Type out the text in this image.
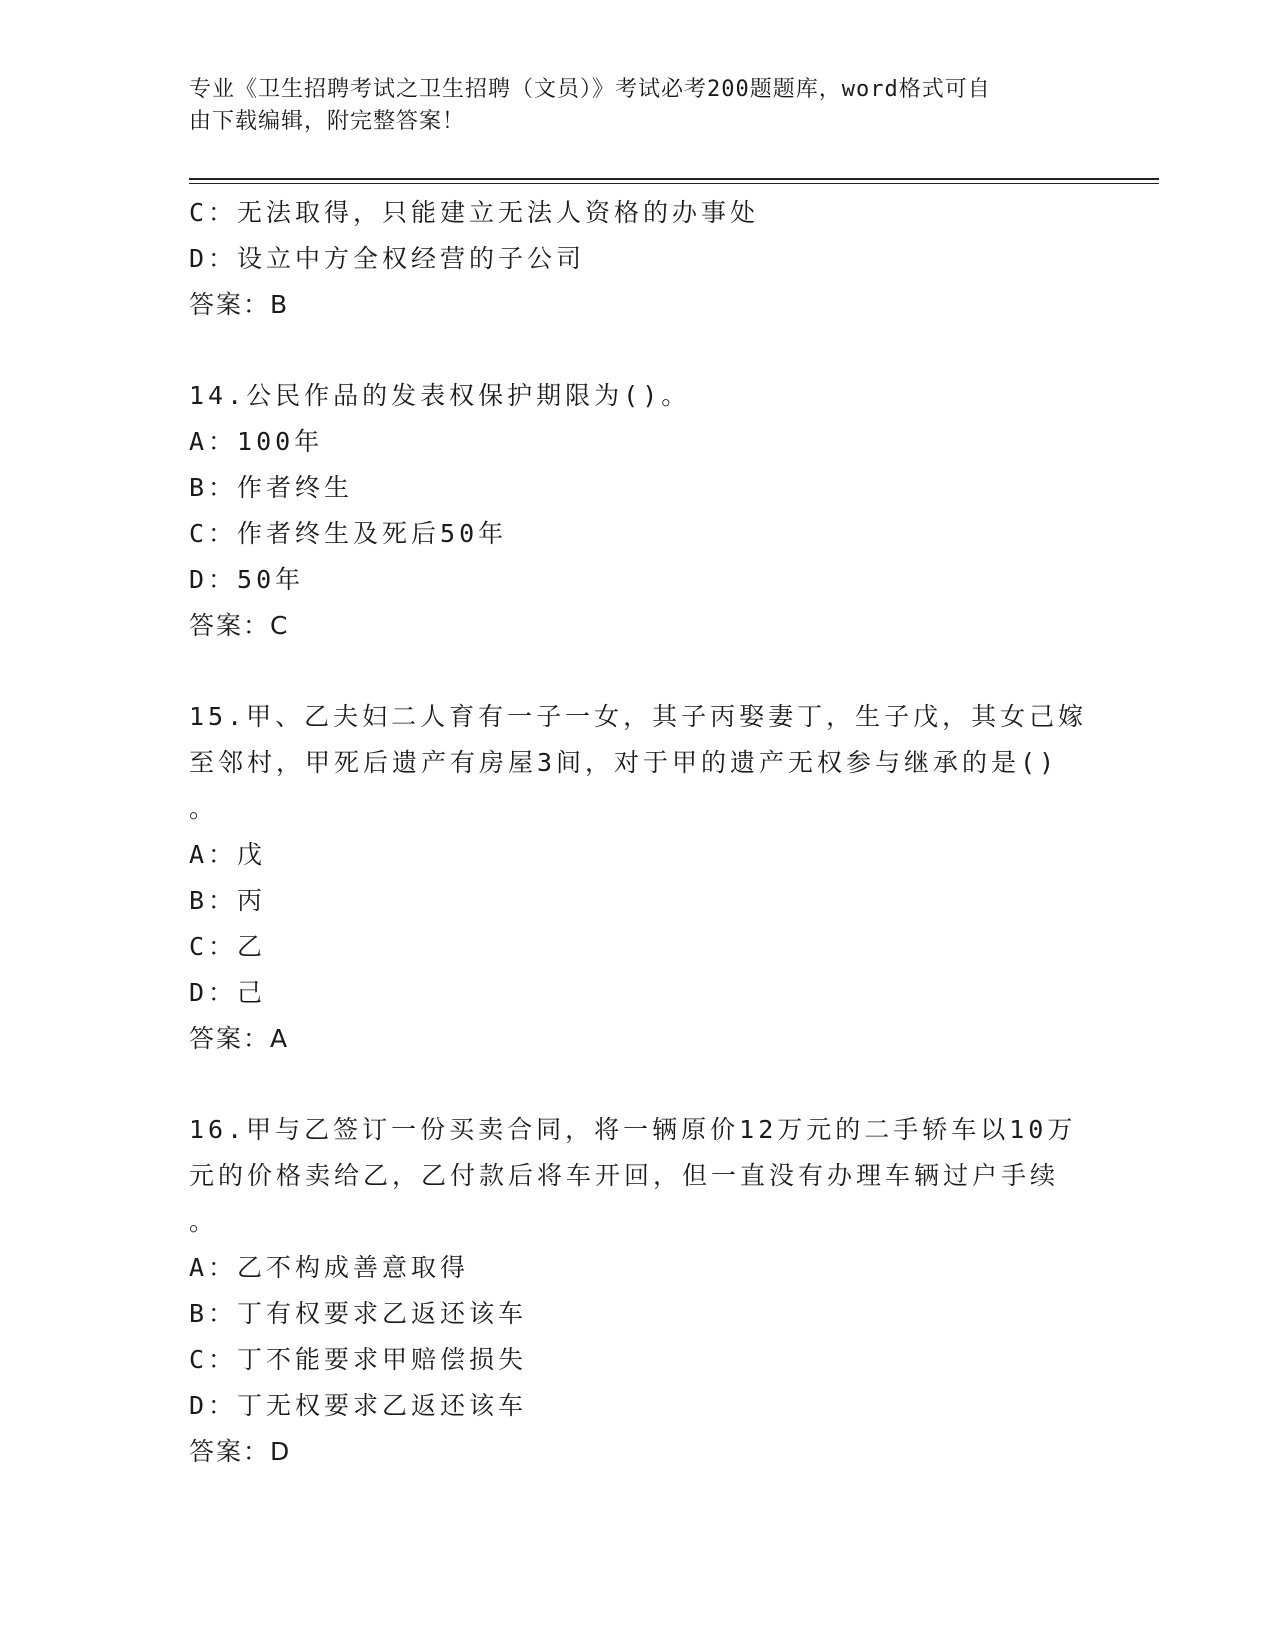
专业《卫生招聘考试之卫生招聘（文员）》考试必考200题题库，word格式可自
由下载编辑，附完整答案！
C：无法取得，只能建立无法人资格的办事处
D：设立中方全权经营的子公司
答案：B
14.公民作品的发表权保护期限为()。
A：100年
B：作者终生
C：作者终生及死后50年
D：50年
答案：C
15.甲、乙夫妇二人育有一子一女，其子丙娶妻丁，生子戊，其女己嫁
至邻村，甲死后遗产有房屋3间，对于甲的遗产无权参与继承的是()
。
A：戊
B：丙
C：乙
D：己
答案：A
16.甲与乙签订一份买卖合同，将一辆原价12万元的二手轿车以10万
元的价格卖给乙，乙付款后将车开回，但一直没有办理车辆过户手续
。
A：乙不构成善意取得
B：丁有权要求乙返还该车
C：丁不能要求甲赔偿损失
D：丁无权要求乙返还该车
答案：D
